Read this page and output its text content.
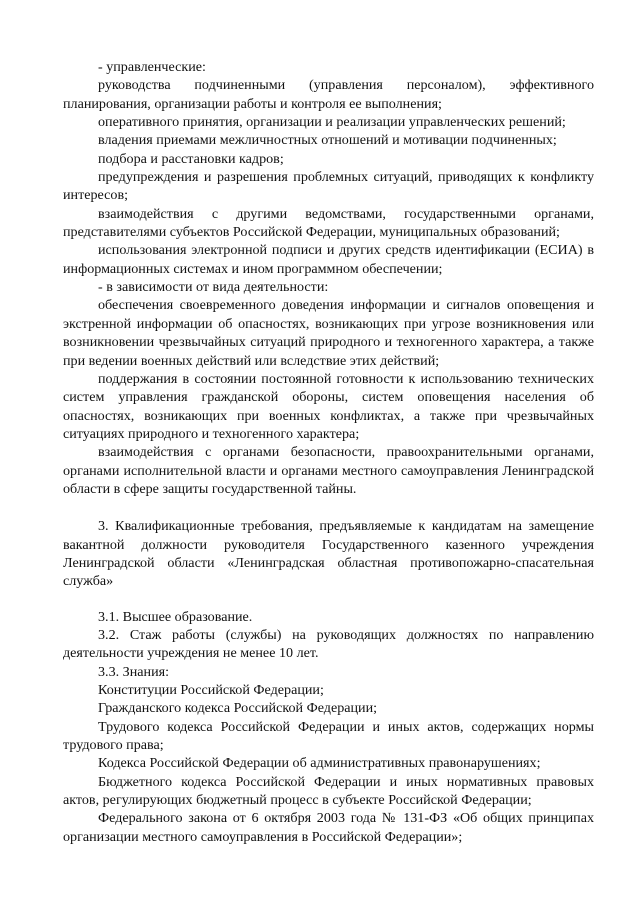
- управленческие:

руководства подчиненными (управления персоналом), эффективного планирования, организации работы и контроля ее выполнения;

оперативного принятия, организации и реализации управленческих решений;

владения приемами межличностных отношений и мотивации подчиненных;

подбора и расстановки кадров;

предупреждения и разрешения проблемных ситуаций, приводящих к конфликту интересов;

взаимодействия с другими ведомствами, государственными органами, представителями субъектов Российской Федерации, муниципальных образований;

использования электронной подписи и других средств идентификации (ЕСИА) в информационных системах и ином программном обеспечении;

- в зависимости от вида деятельности:

обеспечения своевременного доведения информации и сигналов оповещения и экстренной информации об опасностях, возникающих при угрозе возникновения или возникновении чрезвычайных ситуаций природного и техногенного характера, а также при ведении военных действий или вследствие этих действий;

поддержания в состоянии постоянной готовности к использованию технических систем управления гражданской обороны, систем оповещения населения об опасностях, возникающих при военных конфликтах, а также при чрезвычайных ситуациях природного и техногенного характера;

взаимодействия с органами безопасности, правоохранительными органами, органами исполнительной власти и органами местного самоуправления Ленинградской области в сфере защиты государственной тайны.

3. Квалификационные требования, предъявляемые к кандидатам на замещение вакантной должности руководителя Государственного казенного учреждения Ленинградской области «Ленинградская областная противопожарно-спасательная служба»

3.1. Высшее образование.

3.2. Стаж работы (службы) на руководящих должностях по направлению деятельности учреждения не менее 10 лет.

3.3. Знания:

Конституции Российской Федерации;

Гражданского кодекса Российской Федерации;

Трудового кодекса Российской Федерации и иных актов, содержащих нормы трудового права;

Кодекса Российской Федерации об административных правонарушениях;

Бюджетного кодекса Российской Федерации и иных нормативных правовых актов, регулирующих бюджетный процесс в субъекте Российской Федерации;

Федерального закона от 6 октября 2003 года № 131-ФЗ «Об общих принципах организации местного самоуправления в Российской Федерации»;
